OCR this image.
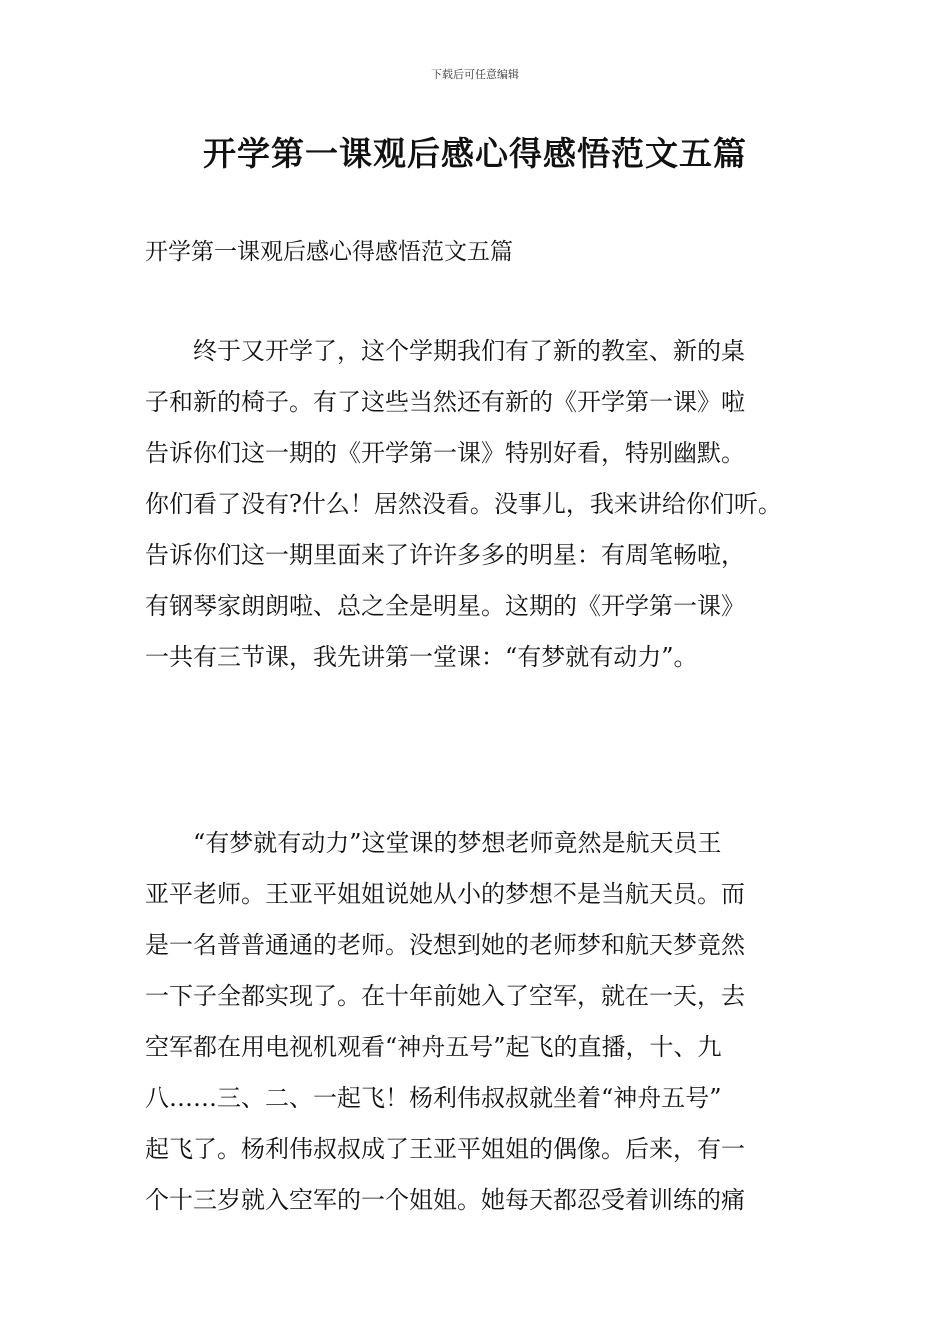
下载后可任意编辑
开学第一课观后感心得感悟范文五篇
开学第一课观后感心得感悟范文五篇
　　终于又开学了，这个学期我们有了新的教室、新的桌
子和新的椅子。有了这些当然还有新的《开学第一课》啦
告诉你们这一期的《开学第一课》特别好看，特别幽默。
你们看了没有?什么！居然没看。没事儿，我来讲给你们听。
告诉你们这一期里面来了许许多多的明星：有周笔畅啦，
有钢琴家朗朗啦、总之全是明星。这期的《开学第一课》
一共有三节课，我先讲第一堂课：“有梦就有动力”。
　　“有梦就有动力”这堂课的梦想老师竟然是航天员王
亚平老师。王亚平姐姐说她从小的梦想不是当航天员。而
是一名普普通通的老师。没想到她的老师梦和航天梦竟然
一下子全都实现了。在十年前她入了空军，就在一天，去
空军都在用电视机观看“神舟五号”起飞的直播，十、九
八……三、二、一起飞！杨利伟叔叔就坐着“神舟五号”
起飞了。杨利伟叔叔成了王亚平姐姐的偶像。后来，有一
个十三岁就入空军的一个姐姐。她每天都忍受着训练的痛
